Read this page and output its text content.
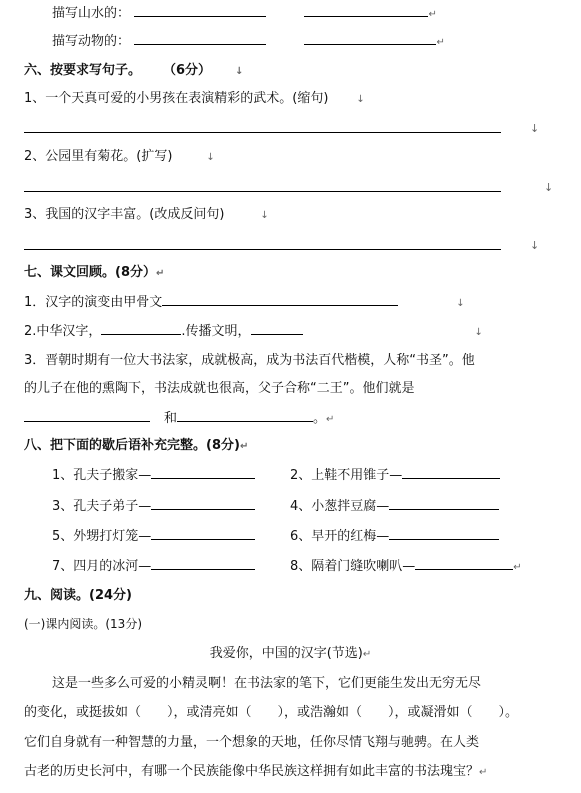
描写山水的：	↵
描写动物的：	↵
六、按要求写句子。 （6分） ↓
1、一个天真可爱的小男孩在表演精彩的武术。(缩句)	↓
↓
2、公园里有菊花。(扩写)	↓
↓
3、我国的汉字丰富。(改成反问句)	↓
↓
七、课文回顾。(8分）↵
1．汉字的演变由甲骨文	↓
2.中华汉字，	.传播文明，	↓
3．晋朝时期有一位大书法家，成就极高，成为书法百代楷模，人称“书圣”。他
的儿子在他的熏陶下，书法成就也很高，父子合称“二王”。他们就是
和	。↵
八、把下面的歇后语补充完整。(8分)↵
1、孔夫子搬家—	2、上鞋不用锥子—
3、孔夫子弟子—	4、小葱拌豆腐—
5、外甥打灯笼—	6、早开的红梅—
7、四月的冰河—	8、隔着门缝吹喇叭—	↵
九、阅读。(24分)
(一)课内阅读。(13分)
我爱你，中国的汉字(节选)↵
这是一些多么可爱的小精灵啊！在书法家的笔下，它们更能生发出无穷无尽
的变化，或挺拔如（　　），或清亮如（　　），或浩瀚如（　　），或凝滑如（　　）。
它们自身就有一种智慧的力量，一个想象的天地，任你尽情飞翔与驰骋。在人类
古老的历史长河中，有哪一个民族能像中华民族这样拥有如此丰富的书法瑰宝？↵
